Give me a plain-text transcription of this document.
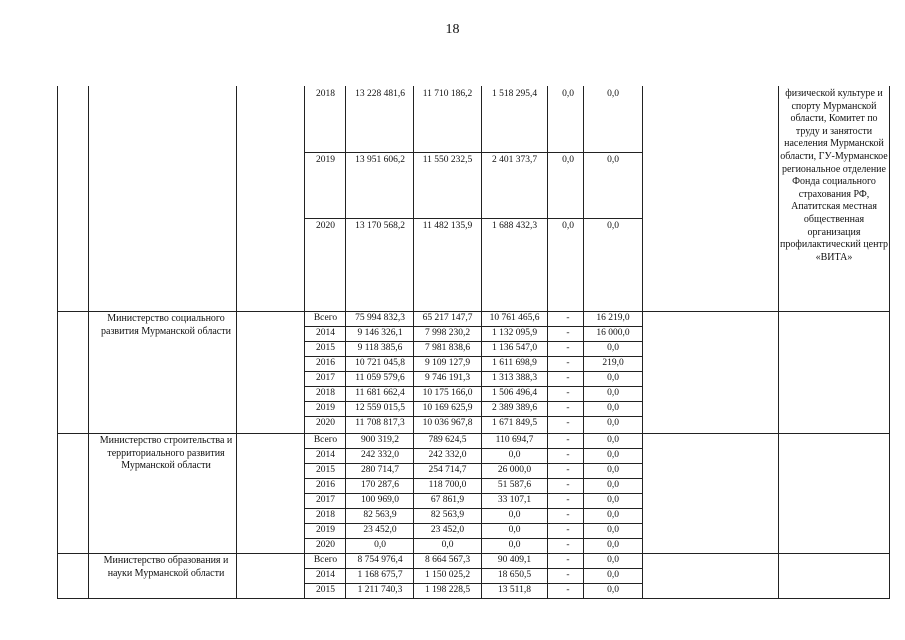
18
физической культуре и спорту Мурманской области, Комитет по труду и занятости населения Мурманской области, ГУ-Мурманское региональное отделение Фонда социального страхования РФ, Апатитская местная общественная организация профилактический центр «ВИТА»
2018	13 228 481,6	11 710 186,2	1 518 295,4	0,0	0,0
2019	13 951 606,2	11 550 232,5	2 401 373,7	0,0	0,0
2020	13 170 568,2	11 482 135,9	1 688 432,3	0,0	0,0
Министерство социального развития Мурманской области
Всего	75 994 832,3	65 217 147,7	10 761 465,6	-	16 219,0
2014	9 146 326,1	7 998 230,2	1 132 095,9	-	16 000,0
2015	9 118 385,6	7 981 838,6	1 136 547,0	-	0,0
2016	10 721 045,8	9 109 127,9	1 611 698,9	-	219,0
2017	11 059 579,6	9 746 191,3	1 313 388,3	-	0,0
2018	11 681 662,4	10 175 166,0	1 506 496,4	-	0,0
2019	12 559 015,5	10 169 625,9	2 389 389,6	-	0,0
2020	11 708 817,3	10 036 967,8	1 671 849,5	-	0,0
Министерство строительства и территориального развития Мурманской области
Всего	900 319,2	789 624,5	110 694,7	-	0,0
2014	242 332,0	242 332,0	0,0	-	0,0
2015	280 714,7	254 714,7	26 000,0	-	0,0
2016	170 287,6	118 700,0	51 587,6	-	0,0
2017	100 969,0	67 861,9	33 107,1	-	0,0
2018	82 563,9	82 563,9	0,0	-	0,0
2019	23 452,0	23 452,0	0,0	-	0,0
2020	0,0	0,0	0,0	-	0,0
Министерство образования и науки Мурманской области
Всего	8 754 976,4	8 664 567,3	90 409,1	-	0,0
2014	1 168 675,7	1 150 025,2	18 650,5	-	0,0
2015	1 211 740,3	1 198 228,5	13 511,8	-	0,0
